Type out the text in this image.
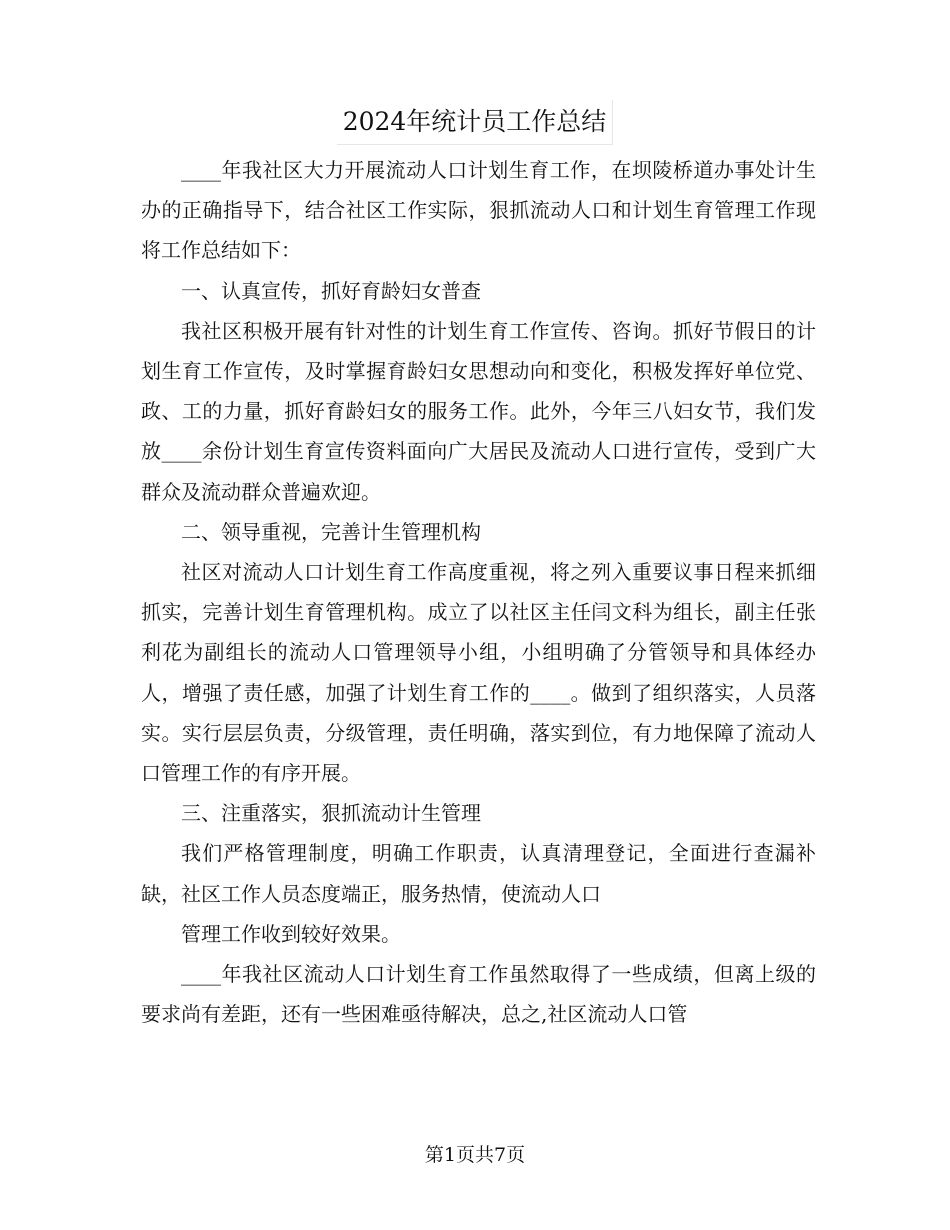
2024年统计员工作总结

____年我社区大力开展流动人口计划生育工作，在坝陵桥道办事处计生办的正确指导下，结合社区工作实际，狠抓流动人口和计划生育管理工作现将工作总结如下：

一、认真宣传，抓好育龄妇女普查

我社区积极开展有针对性的计划生育工作宣传、咨询。抓好节假日的计划生育工作宣传，及时掌握育龄妇女思想动向和变化，积极发挥好单位党、政、工的力量，抓好育龄妇女的服务工作。此外，今年三八妇女节，我们发放____余份计划生育宣传资料面向广大居民及流动人口进行宣传，受到广大群众及流动群众普遍欢迎。

二、领导重视，完善计生管理机构

社区对流动人口计划生育工作高度重视，将之列入重要议事日程来抓细抓实，完善计划生育管理机构。成立了以社区主任闫文科为组长，副主任张利花为副组长的流动人口管理领导小组，小组明确了分管领导和具体经办人，增强了责任感，加强了计划生育工作的____。做到了组织落实，人员落实。实行层层负责，分级管理，责任明确，落实到位，有力地保障了流动人口管理工作的有序开展。

三、注重落实，狠抓流动计生管理

我们严格管理制度，明确工作职责，认真清理登记，全面进行查漏补缺，社区工作人员态度端正，服务热情，使流动人口

管理工作收到较好效果。

____年我社区流动人口计划生育工作虽然取得了一些成绩，但离上级的要求尚有差距，还有一些困难亟待解决，总之,社区流动人口管

第1页共7页
